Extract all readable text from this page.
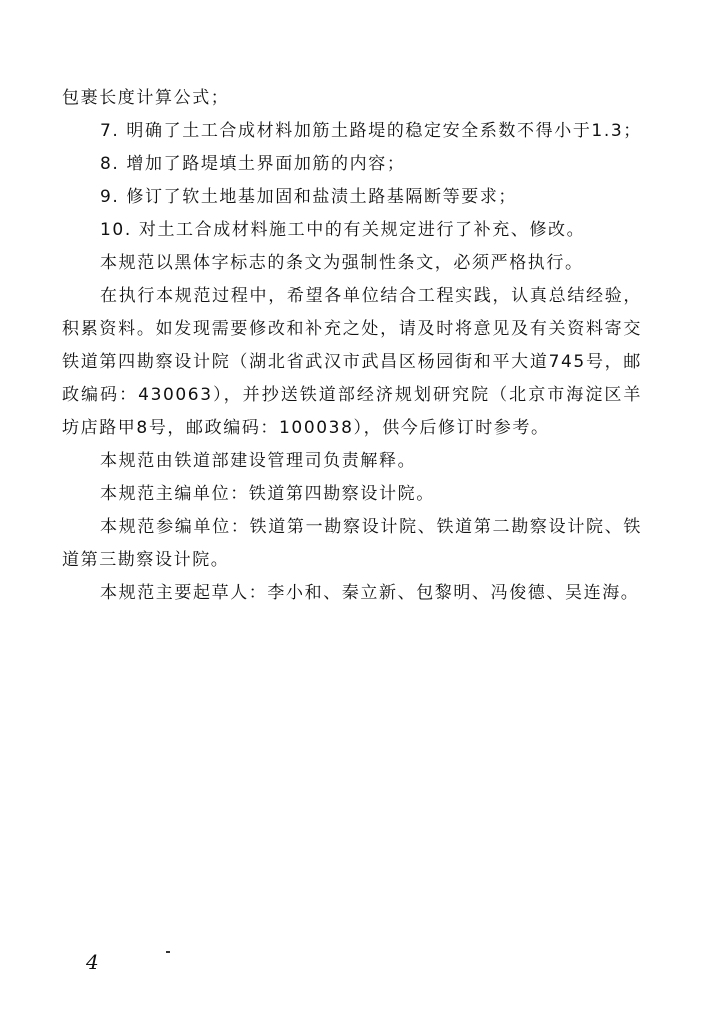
包裹长度计算公式；

7. 明确了土工合成材料加筋土路堤的稳定安全系数不得小于1.3；

8. 增加了路堤填土界面加筋的内容；

9. 修订了软土地基加固和盐渍土路基隔断等要求；

10. 对土工合成材料施工中的有关规定进行了补充、修改。

本规范以黑体字标志的条文为强制性条文，必须严格执行。

在执行本规范过程中，希望各单位结合工程实践，认真总结经验，积累资料。如发现需要修改和补充之处，请及时将意见及有关资料寄交铁道第四勘察设计院（湖北省武汉市武昌区杨园街和平大道745号，邮政编码：430063），并抄送铁道部经济规划研究院（北京市海淀区羊坊店路甲8号，邮政编码：100038），供今后修订时参考。

本规范由铁道部建设管理司负责解释。

本规范主编单位：铁道第四勘察设计院。

本规范参编单位：铁道第一勘察设计院、铁道第二勘察设计院、铁道第三勘察设计院。

本规范主要起草人：李小和、秦立新、包黎明、冯俊德、吴连海。

4
